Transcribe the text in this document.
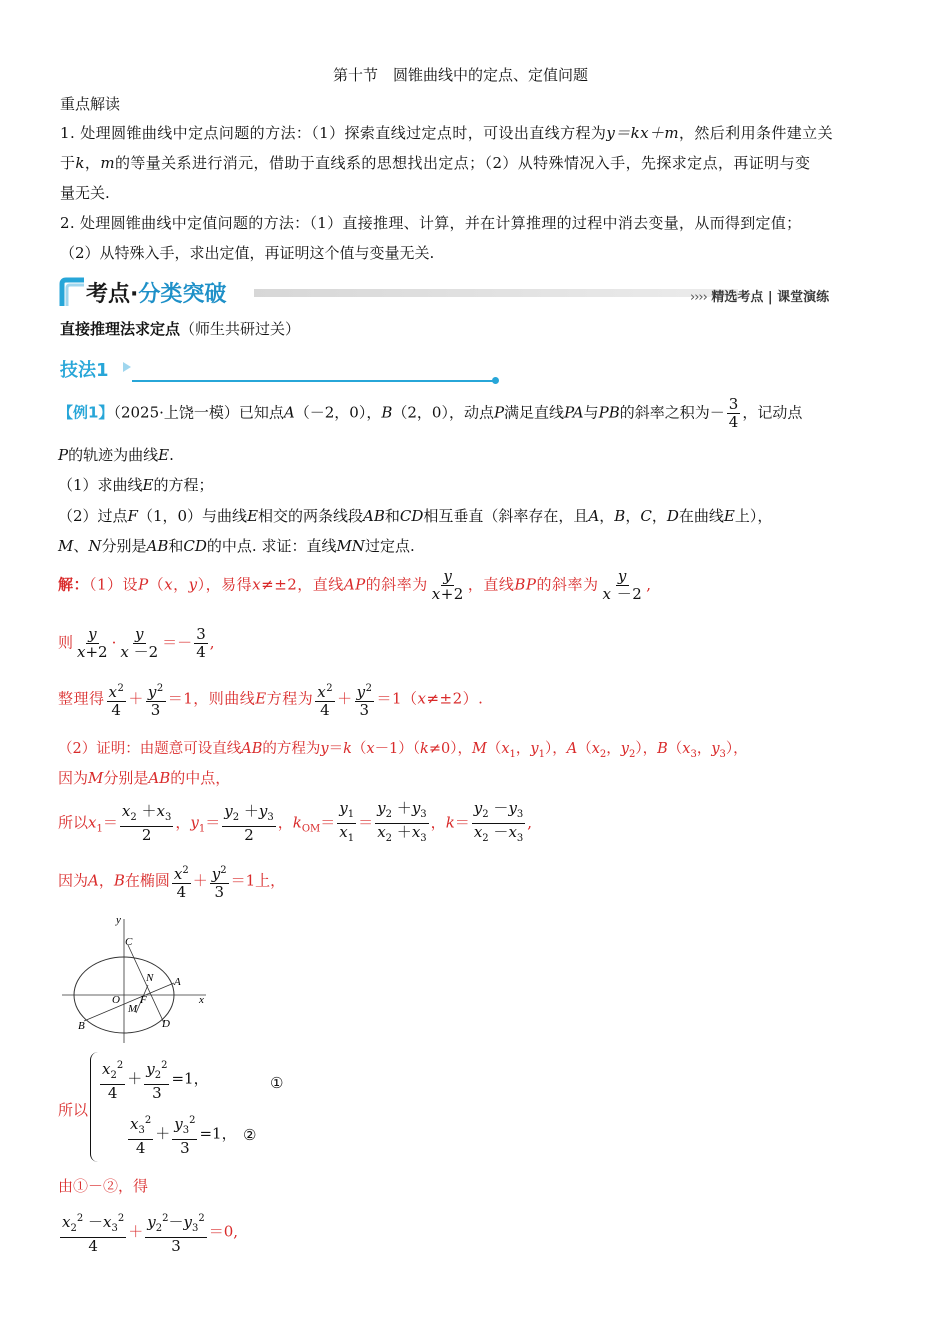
第十节　圆锥曲线中的定点、定值问题
重点解读
1. 处理圆锥曲线中定点问题的方法：（1）探索直线过定点时，可设出直线方程为y＝kx＋m，然后利用条件建立关
于k，m的等量关系进行消元，借助于直线系的思想找出定点；（2）从特殊情况入手，先探求定点，再证明与变
量无关.
2. 处理圆锥曲线中定值问题的方法：（1）直接推理、计算，并在计算推理的过程中消去变量，从而得到定值；
（2）从特殊入手，求出定值，再证明这个值与变量无关.
考点·分类突破	›››› 精选考点 | 课堂演练
直接推理法求定点（师生共研过关）
技法1
【例1】（2025·上饶一模）已知点A（－2，0），B（2，0），动点P满足直线PA与PB的斜率之积为－ $\frac{3}{4}$ ，记动点
P的轨迹为曲线E.
（1）求曲线E的方程；
（2）过点F（1，0）与曲线E相交的两条线段AB和CD相互垂直（斜率存在，且A，B，C，D在曲线E上），
M、N分别是AB和CD的中点. 求证：直线MN过定点.
解：（1）设P（x，y），易得x≠±2，直线AP的斜率为 $\frac{y}{x+2}$ ，直线BP的斜率为 $\frac{y}{x -2}$ ,
则 $\frac{y}{x+2} \cdot \frac{y}{x -2} =- \frac{3}{4}$ ,
整理得 $\frac{x^2}{4} + \frac{y^2}{3} =1$，则曲线E方程为 $\frac{x^2}{4} + \frac{y^2}{3} =1(x\ne\pm 2)$.
（2）证明：由题意可设直线AB的方程为y＝k（x－1）（k≠0），$M(x_1$，$y_1$），$A(x_2$，$y_2$），$B(x_3$，$y_3$），
因为M分别是AB的中点，
所以$x_1= \frac{x_2 +x_3}{2}$ ，$y_1= \frac{y_2 +y_3}{2}$ ，$k_{OM}= \frac{y_1}{x_1} = \frac{y_2 +y_3}{x_2 +x_3}$ ，$k= \frac{y_2 -y_3}{x_2 -x_3}$ ,
因为A，B在椭圆 $\frac{x^2}{4} + \frac{y^2}{3} =1$上，
y
x
O
C
N A
F
M
B	D
所以
$\frac{x_2^2}{4} + \frac{y_2^2}{3} =1$，	①
$\frac{x_3^2}{4} + \frac{y_3^2}{3} =1$， ②
由①－②，得
$\frac{x_2^2 -x_3^2}{4} + \frac{y_2^2-y_3^2}{3} =0$,
